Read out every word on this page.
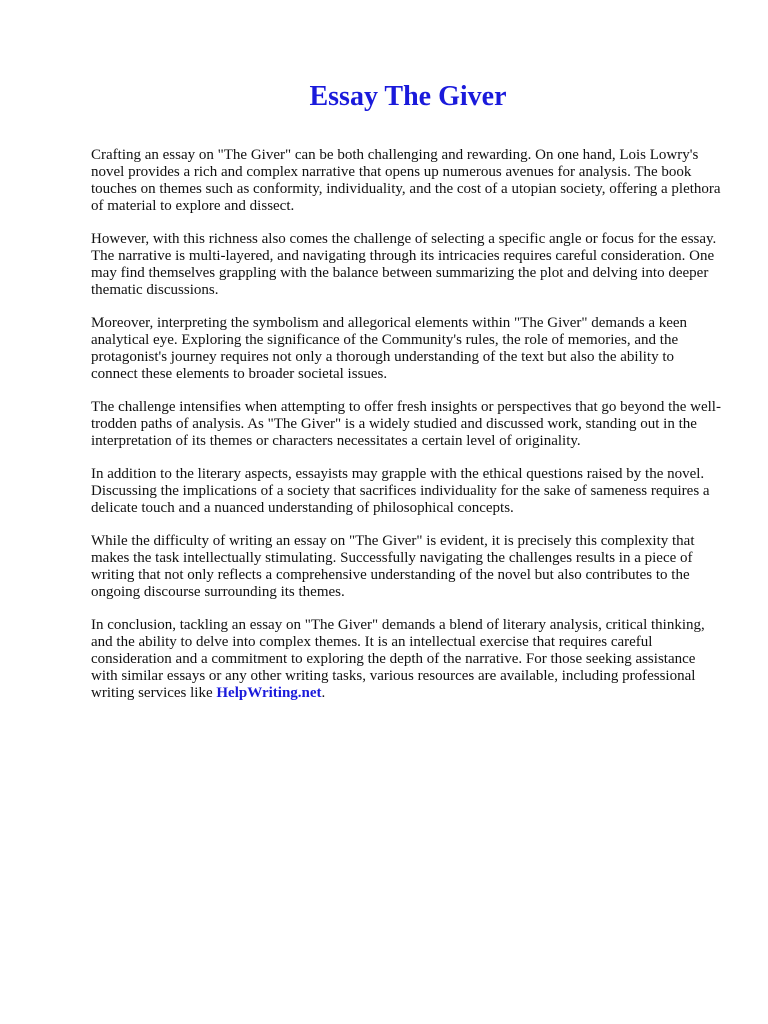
Essay The Giver

Crafting an essay on "The Giver" can be both challenging and rewarding. On one hand, Lois Lowry's novel provides a rich and complex narrative that opens up numerous avenues for analysis. The book touches on themes such as conformity, individuality, and the cost of a utopian society, offering a plethora of material to explore and dissect.

However, with this richness also comes the challenge of selecting a specific angle or focus for the essay. The narrative is multi-layered, and navigating through its intricacies requires careful consideration. One may find themselves grappling with the balance between summarizing the plot and delving into deeper thematic discussions.

Moreover, interpreting the symbolism and allegorical elements within "The Giver" demands a keen analytical eye. Exploring the significance of the Community's rules, the role of memories, and the protagonist's journey requires not only a thorough understanding of the text but also the ability to connect these elements to broader societal issues.

The challenge intensifies when attempting to offer fresh insights or perspectives that go beyond the well-trodden paths of analysis. As "The Giver" is a widely studied and discussed work, standing out in the interpretation of its themes or characters necessitates a certain level of originality.

In addition to the literary aspects, essayists may grapple with the ethical questions raised by the novel. Discussing the implications of a society that sacrifices individuality for the sake of sameness requires a delicate touch and a nuanced understanding of philosophical concepts.

While the difficulty of writing an essay on "The Giver" is evident, it is precisely this complexity that makes the task intellectually stimulating. Successfully navigating the challenges results in a piece of writing that not only reflects a comprehensive understanding of the novel but also contributes to the ongoing discourse surrounding its themes.

In conclusion, tackling an essay on "The Giver" demands a blend of literary analysis, critical thinking, and the ability to delve into complex themes. It is an intellectual exercise that requires careful consideration and a commitment to exploring the depth of the narrative. For those seeking assistance with similar essays or any other writing tasks, various resources are available, including professional writing services like HelpWriting.net.
